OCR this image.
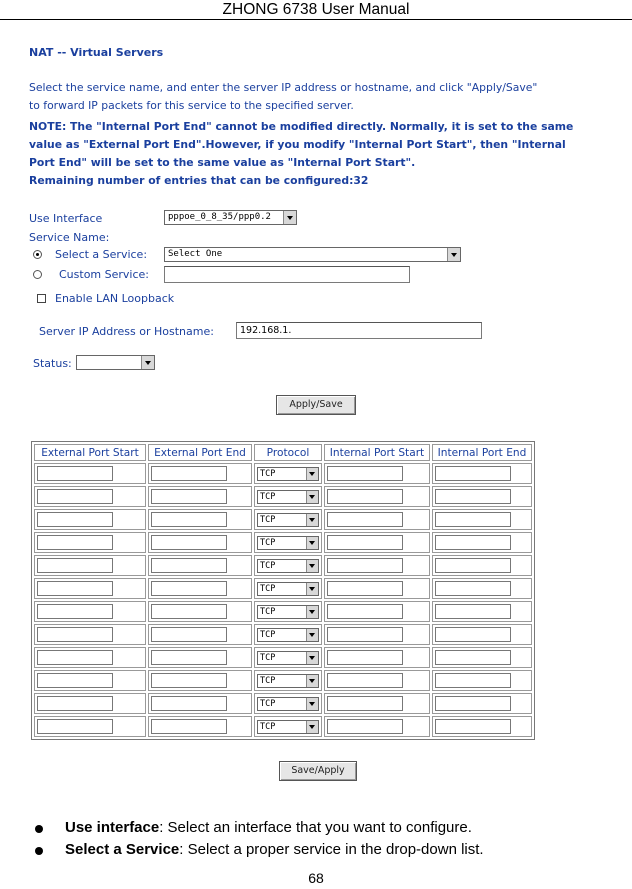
ZHONG 6738 User Manual
NAT -- Virtual Servers
Select the service name, and enter the server IP address or hostname, and click "Apply/Save"
to forward IP packets for this service to the specified server.
NOTE: The "Internal Port End" cannot be modified directly. Normally, it is set to the same
value as "External Port End".However, if you modify "Internal Port Start", then "Internal
Port End" will be set to the same value as "Internal Port Start".
Remaining number of entries that can be configured:32
Use Interface	pppoe_0_8_35/ppp0.2
Service Name:
Select a Service:	Select One
Custom Service:
Enable LAN Loopback
Server IP Address or Hostname:	192.168.1.
Status:
Apply/Save
External Port Start	External Port End	Protocol	Internal Port Start	Internal Port End

		TCP		

		TCP		

		TCP		

		TCP		

		TCP		

		TCP		

		TCP		

		TCP		

		TCP		

		TCP		

		TCP		

		TCP		

Save/Apply
Use interface: Select an interface that you want to configure.
Select a Service: Select a proper service in the drop-down list.
68
